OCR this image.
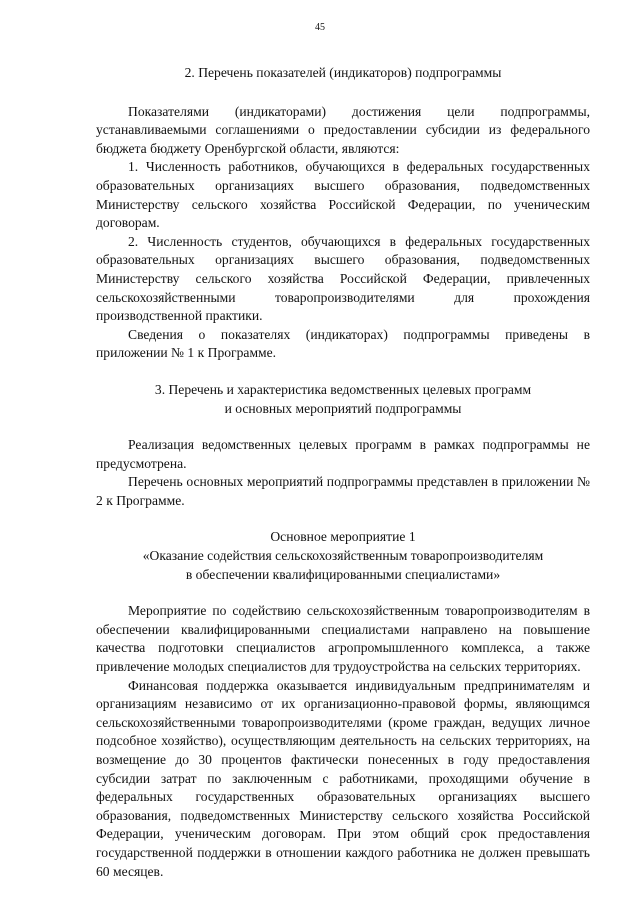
45

2. Перечень показателей (индикаторов) подпрограммы

Показателями (индикаторами) достижения цели подпрограммы, устанавливаемыми соглашениями о предоставлении субсидии из федерального бюджета бюджету Оренбургской области, являются:

1. Численность работников, обучающихся в федеральных государственных образовательных организациях высшего образования, подведомственных Министерству сельского хозяйства Российской Федерации, по ученическим договорам.

2. Численность студентов, обучающихся в федеральных государственных образовательных организациях высшего образования, подведомственных Министерству сельского хозяйства Российской Федерации, привлеченных сельскохозяйственными товаропроизводителями для прохождения производственной практики.

Сведения о показателях (индикаторах) подпрограммы приведены в приложении № 1 к Программе.

3. Перечень и характеристика ведомственных целевых программ
и основных мероприятий подпрограммы

Реализация ведомственных целевых программ в рамках подпрограммы не предусмотрена.

Перечень основных мероприятий подпрограммы представлен в приложении № 2 к Программе.

Основное мероприятие 1
«Оказание содействия сельскохозяйственным товаропроизводителям
в обеспечении квалифицированными специалистами»

Мероприятие по содействию сельскохозяйственным товаропроизводителям в обеспечении квалифицированными специалистами направлено на повышение качества подготовки специалистов агропромышленного комплекса, а также привлечение молодых специалистов для трудоустройства на сельских территориях.

Финансовая поддержка оказывается индивидуальным предпринимателям и организациям независимо от их организационно-правовой формы, являющимся сельскохозяйственными товаропроизводителями (кроме граждан, ведущих личное подсобное хозяйство), осуществляющим деятельность на сельских территориях, на возмещение до 30 процентов фактически понесенных в году предоставления субсидии затрат по заключенным с работниками, проходящими обучение в федеральных государственных образовательных организациях высшего образования, подведомственных Министерству сельского хозяйства Российской Федерации, ученическим договорам. При этом общий срок предоставления государственной поддержки в отношении каждого работника не должен превышать 60 месяцев.
